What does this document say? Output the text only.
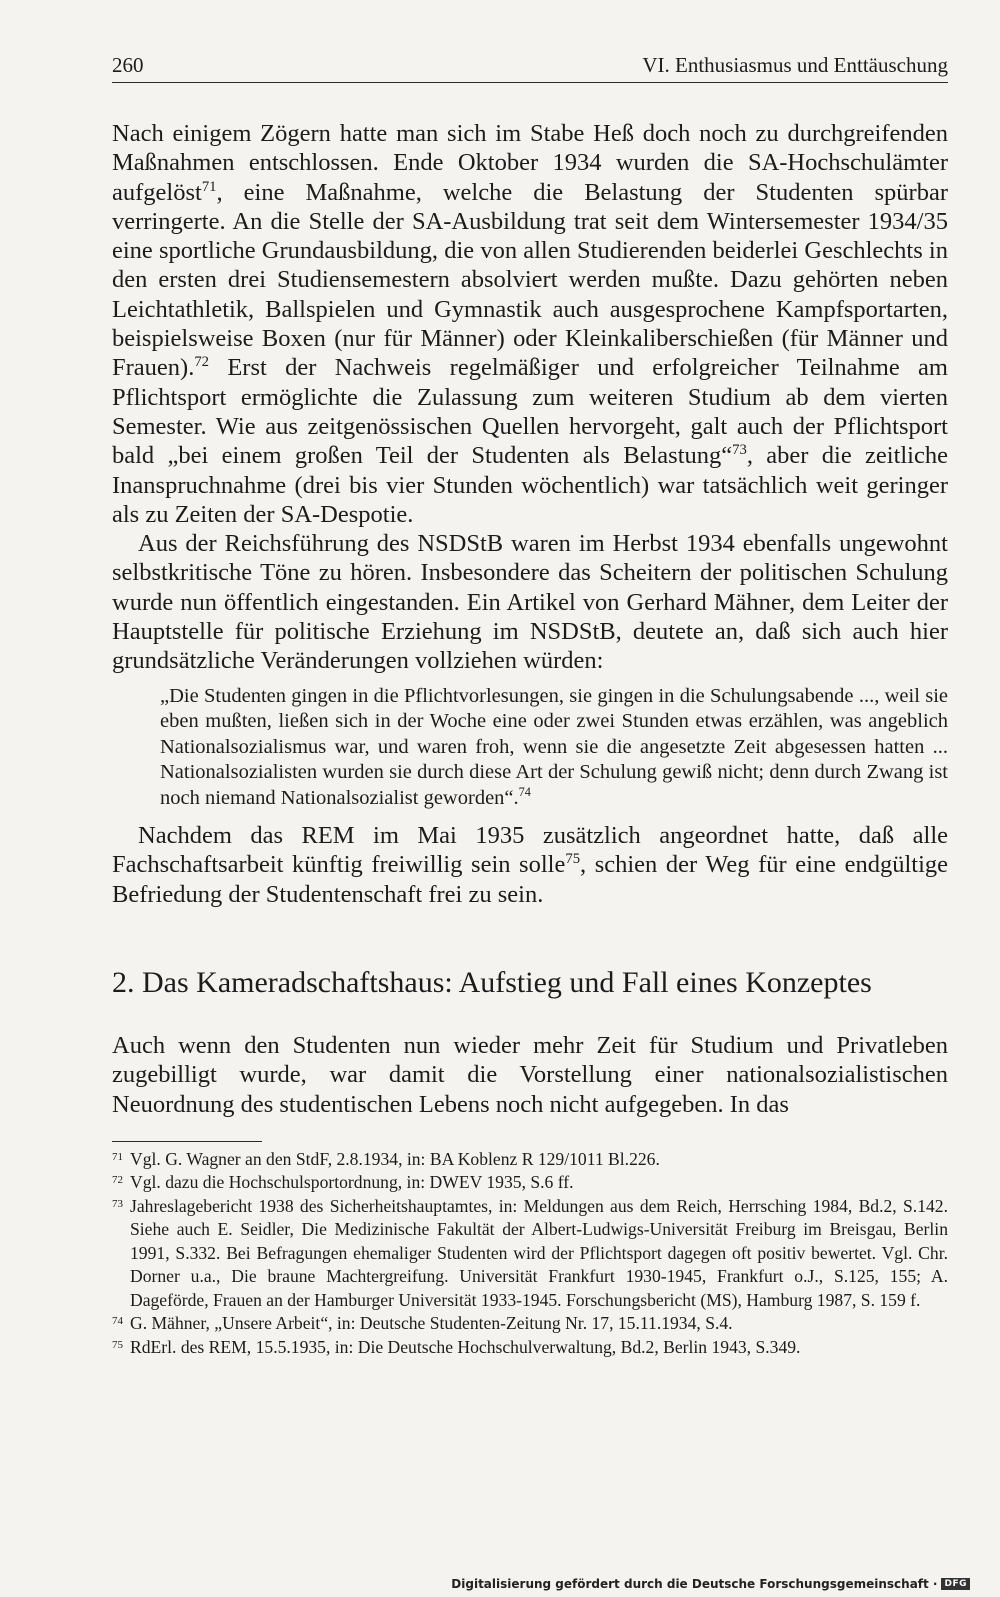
260	VI. Enthusiasmus und Enttäuschung

Nach einigem Zögern hatte man sich im Stabe Heß doch noch zu durchgreifenden Maßnahmen entschlossen. Ende Oktober 1934 wurden die SA-Hochschulämter aufgelöst$^{71}$, eine Maßnahme, welche die Belastung der Studenten spürbar verringerte. An die Stelle der SA-Ausbildung trat seit dem Wintersemester 1934/35 eine sportliche Grundausbildung, die von allen Studierenden beiderlei Geschlechts in den ersten drei Studiensemestern absolviert werden mußte. Dazu gehörten neben Leichtathletik, Ballspielen und Gymnastik auch ausgesprochene Kampfsportarten, beispielsweise Boxen (nur für Männer) oder Kleinkaliberschießen (für Männer und Frauen).$^{72}$ Erst der Nachweis regelmäßiger und erfolgreicher Teilnahme am Pflichtsport ermöglichte die Zulassung zum weiteren Studium ab dem vierten Semester. Wie aus zeitgenössischen Quellen hervorgeht, galt auch der Pflichtsport bald „bei einem großen Teil der Studenten als Belastung“$^{73}$, aber die zeitliche Inanspruchnahme (drei bis vier Stunden wöchentlich) war tatsächlich weit geringer als zu Zeiten der SA-Despotie.

Aus der Reichsführung des NSDStB waren im Herbst 1934 ebenfalls ungewohnt selbstkritische Töne zu hören. Insbesondere das Scheitern der politischen Schulung wurde nun öffentlich eingestanden. Ein Artikel von Gerhard Mähner, dem Leiter der Hauptstelle für politische Erziehung im NSDStB, deutete an, daß sich auch hier grundsätzliche Veränderungen vollziehen würden:

„Die Studenten gingen in die Pflichtvorlesungen, sie gingen in die Schulungsabende ..., weil sie eben mußten, ließen sich in der Woche eine oder zwei Stunden etwas erzählen, was angeblich Nationalsozialismus war, und waren froh, wenn sie die angesetzte Zeit abgesessen hatten ... Nationalsozialisten wurden sie durch diese Art der Schulung gewiß nicht; denn durch Zwang ist noch niemand Nationalsozialist geworden“.$^{74}$

Nachdem das REM im Mai 1935 zusätzlich angeordnet hatte, daß alle Fachschaftsarbeit künftig freiwillig sein solle$^{75}$, schien der Weg für eine endgültige Befriedung der Studentenschaft frei zu sein.

2. Das Kameradschaftshaus: Aufstieg und Fall eines Konzeptes

Auch wenn den Studenten nun wieder mehr Zeit für Studium und Privatleben zugebilligt wurde, war damit die Vorstellung einer nationalsozialistischen Neuordnung des studentischen Lebens noch nicht aufgegeben. In das

71 Vgl. G. Wagner an den StdF, 2.8.1934, in: BA Koblenz R 129/1011 Bl.226.
72 Vgl. dazu die Hochschulsportordnung, in: DWEV 1935, S.6 ff.
73 Jahreslagebericht 1938 des Sicherheitshauptamtes, in: Meldungen aus dem Reich, Herrsching 1984, Bd.2, S.142. Siehe auch E. Seidler, Die Medizinische Fakultät der Albert-Ludwigs-Universität Freiburg im Breisgau, Berlin 1991, S.332. Bei Befragungen ehemaliger Studenten wird der Pflichtsport dagegen oft positiv bewertet. Vgl. Chr. Dorner u.a., Die braune Machtergreifung. Universität Frankfurt 1930-1945, Frankfurt o.J., S.125, 155; A. Dageförde, Frauen an der Hamburger Universität 1933-1945. Forschungsbericht (MS), Hamburg 1987, S. 159 f.
74 G. Mähner, „Unsere Arbeit“, in: Deutsche Studenten-Zeitung Nr. 17, 15.11.1934, S.4.
75 RdErl. des REM, 15.5.1935, in: Die Deutsche Hochschulverwaltung, Bd.2, Berlin 1943, S.349.
Digitalisierung gefördert durch die Deutsche Forschungsgemeinschaft · DFG
